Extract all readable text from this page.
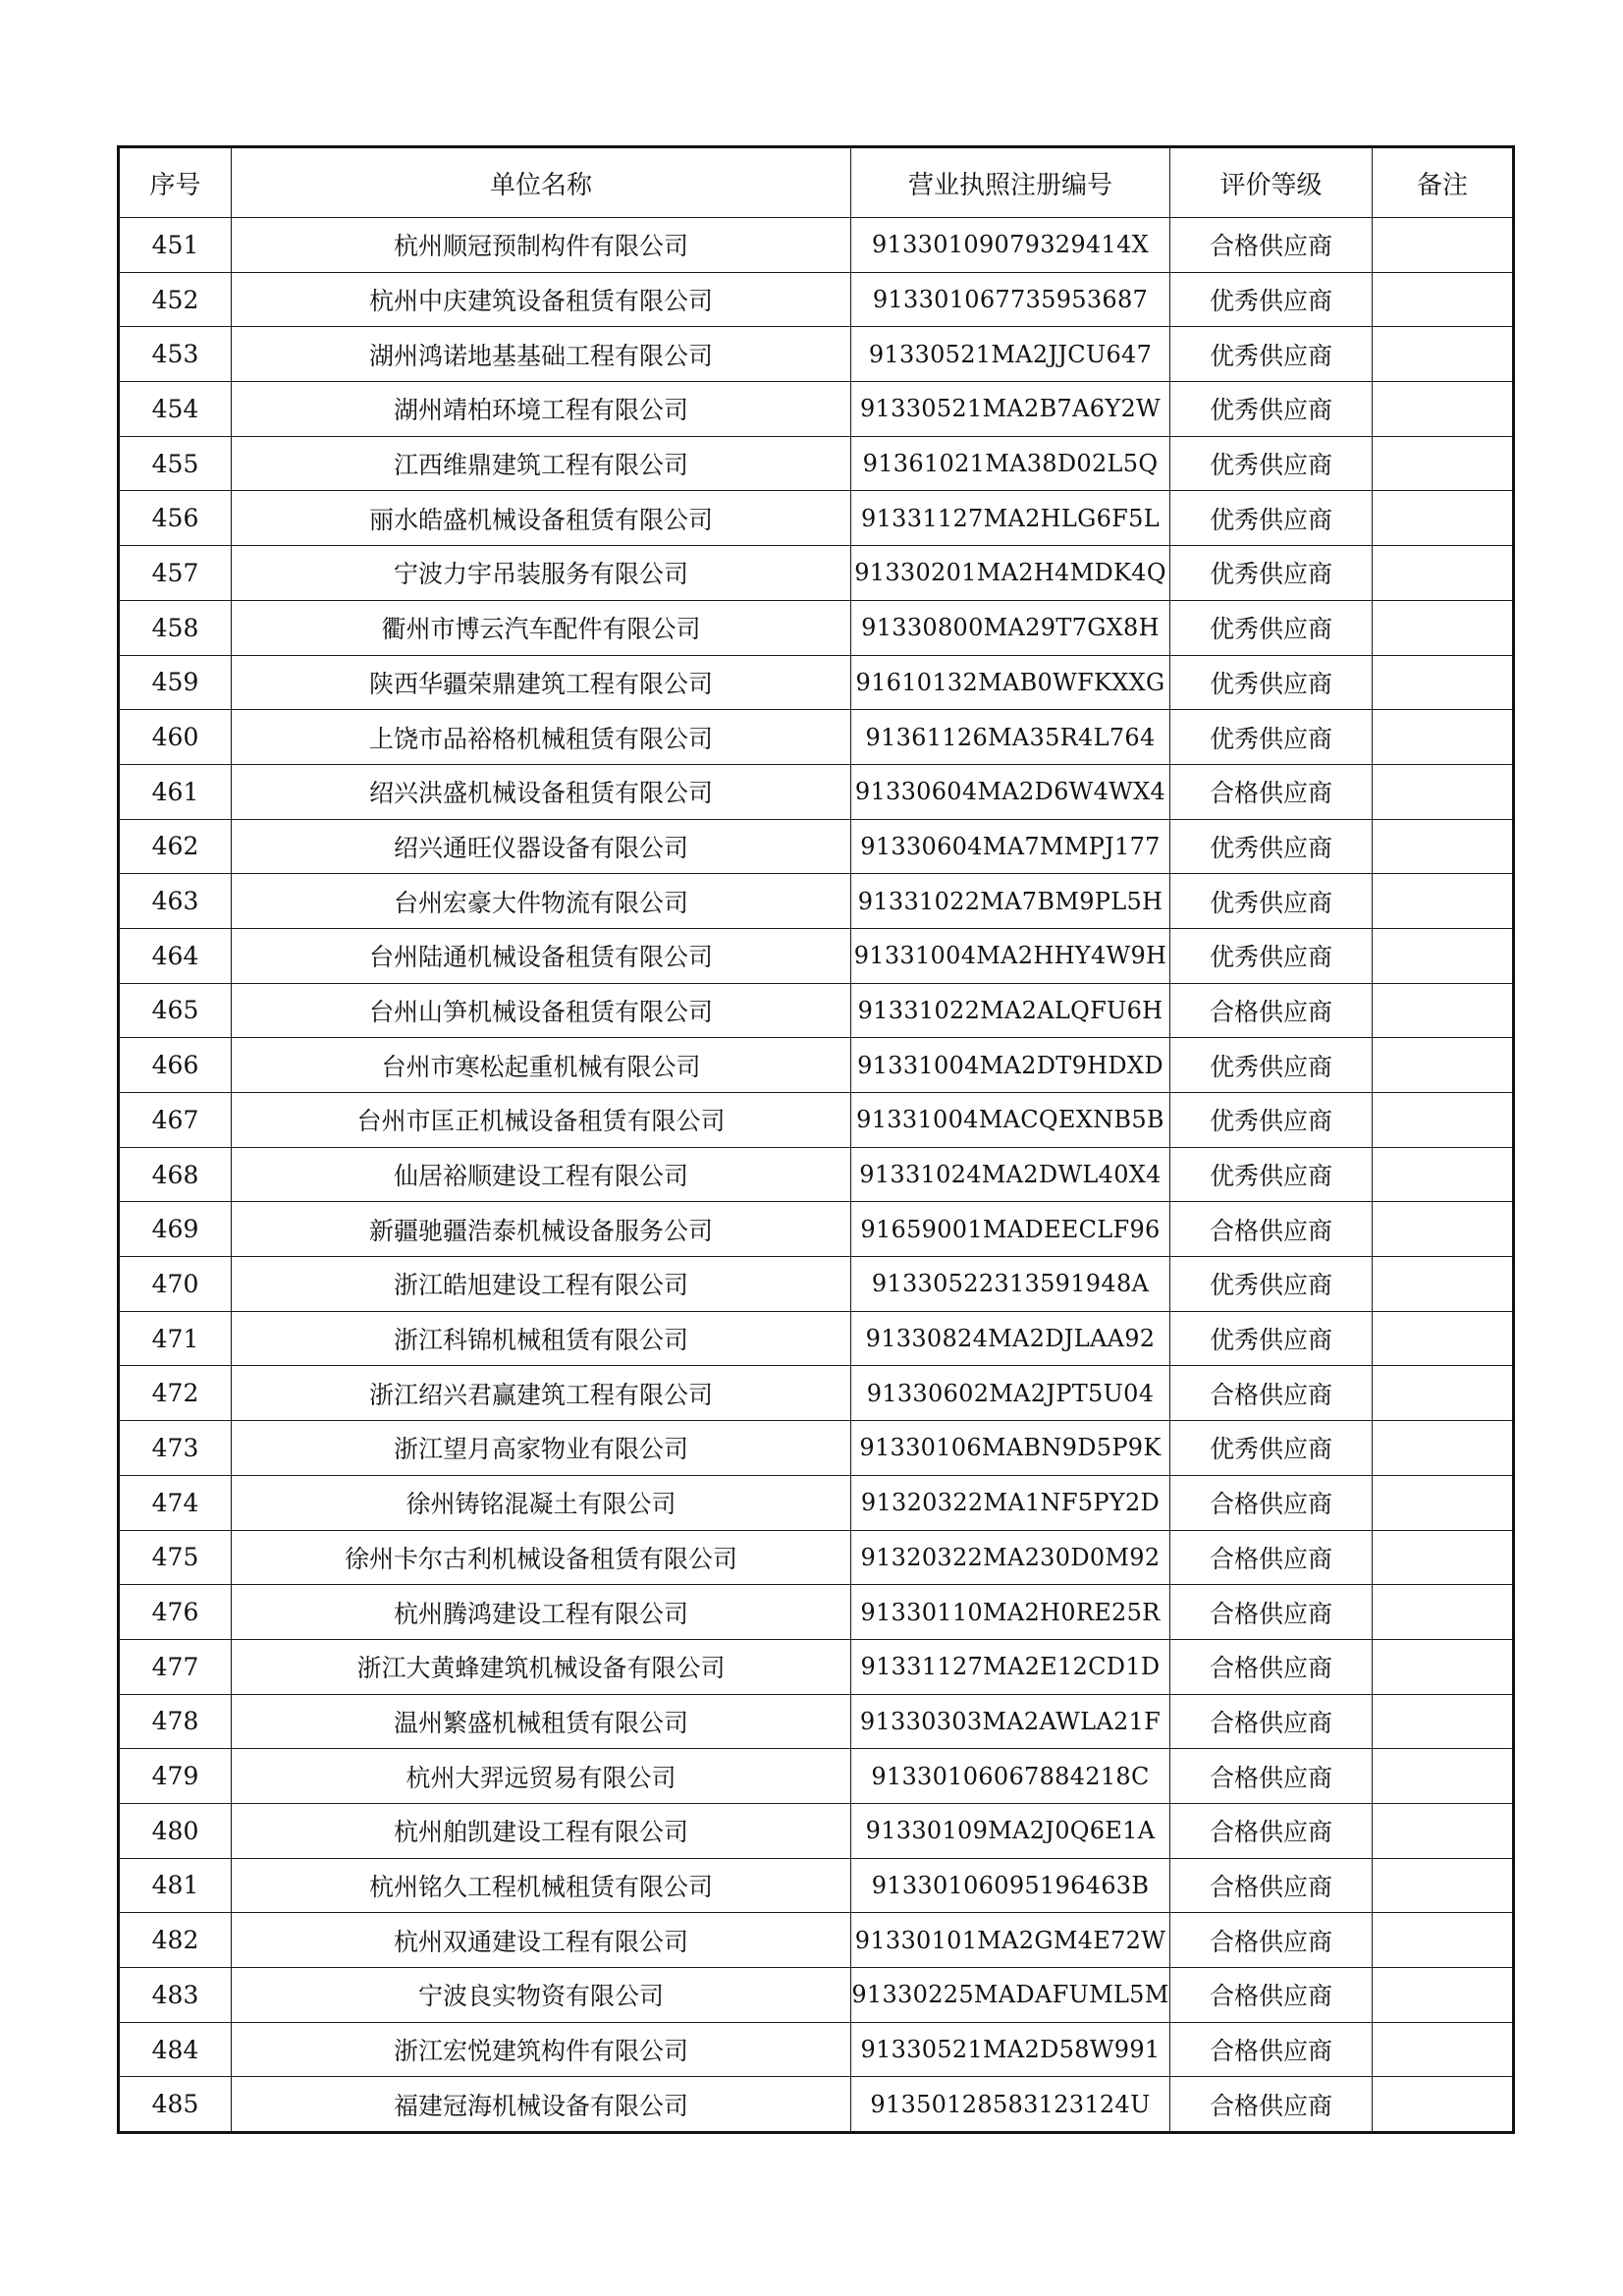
序号	单位名称	营业执照注册编号	评价等级	备注
451	杭州顺冠预制构件有限公司	91330109079329414X	合格供应商	
452	杭州中庆建筑设备租赁有限公司	913301067735953687	优秀供应商	
453	湖州鸿诺地基基础工程有限公司	91330521MA2JJCU647	优秀供应商	
454	湖州靖柏环境工程有限公司	91330521MA2B7A6Y2W	优秀供应商	
455	江西维鼎建筑工程有限公司	91361021MA38D02L5Q	优秀供应商	
456	丽水皓盛机械设备租赁有限公司	91331127MA2HLG6F5L	优秀供应商	
457	宁波力宇吊装服务有限公司	91330201MA2H4MDK4Q	优秀供应商	
458	衢州市博云汽车配件有限公司	91330800MA29T7GX8H	优秀供应商	
459	陕西华疆荣鼎建筑工程有限公司	91610132MAB0WFKXXG	优秀供应商	
460	上饶市品裕格机械租赁有限公司	91361126MA35R4L764	优秀供应商	
461	绍兴洪盛机械设备租赁有限公司	91330604MA2D6W4WX4	合格供应商	
462	绍兴通旺仪器设备有限公司	91330604MA7MMPJ177	优秀供应商	
463	台州宏豪大件物流有限公司	91331022MA7BM9PL5H	优秀供应商	
464	台州陆通机械设备租赁有限公司	91331004MA2HHY4W9H	优秀供应商	
465	台州山笋机械设备租赁有限公司	91331022MA2ALQFU6H	合格供应商	
466	台州市寒松起重机械有限公司	91331004MA2DT9HDXD	优秀供应商	
467	台州市匡正机械设备租赁有限公司	91331004MACQEXNB5B	优秀供应商	
468	仙居裕顺建设工程有限公司	91331024MA2DWL40X4	优秀供应商	
469	新疆驰疆浩泰机械设备服务公司	91659001MADEECLF96	合格供应商	
470	浙江皓旭建设工程有限公司	91330522313591948A	优秀供应商	
471	浙江科锦机械租赁有限公司	91330824MA2DJLAA92	优秀供应商	
472	浙江绍兴君赢建筑工程有限公司	91330602MA2JPT5U04	合格供应商	
473	浙江望月高家物业有限公司	91330106MABN9D5P9K	优秀供应商	
474	徐州铸铭混凝土有限公司	91320322MA1NF5PY2D	合格供应商	
475	徐州卡尔古利机械设备租赁有限公司	91320322MA230D0M92	合格供应商	
476	杭州腾鸿建设工程有限公司	91330110MA2H0RE25R	合格供应商	
477	浙江大黄蜂建筑机械设备有限公司	91331127MA2E12CD1D	合格供应商	
478	温州繁盛机械租赁有限公司	91330303MA2AWLA21F	合格供应商	
479	杭州大羿远贸易有限公司	91330106067884218C	合格供应商	
480	杭州舶凯建设工程有限公司	91330109MA2J0Q6E1A	合格供应商	
481	杭州铭久工程机械租赁有限公司	91330106095196463B	合格供应商	
482	杭州双通建设工程有限公司	91330101MA2GM4E72W	合格供应商	
483	宁波良实物资有限公司	91330225MADAFUML5M	合格供应商	
484	浙江宏悦建筑构件有限公司	91330521MA2D58W991	合格供应商	
485	福建冠海机械设备有限公司	91350128583123124U	合格供应商	
